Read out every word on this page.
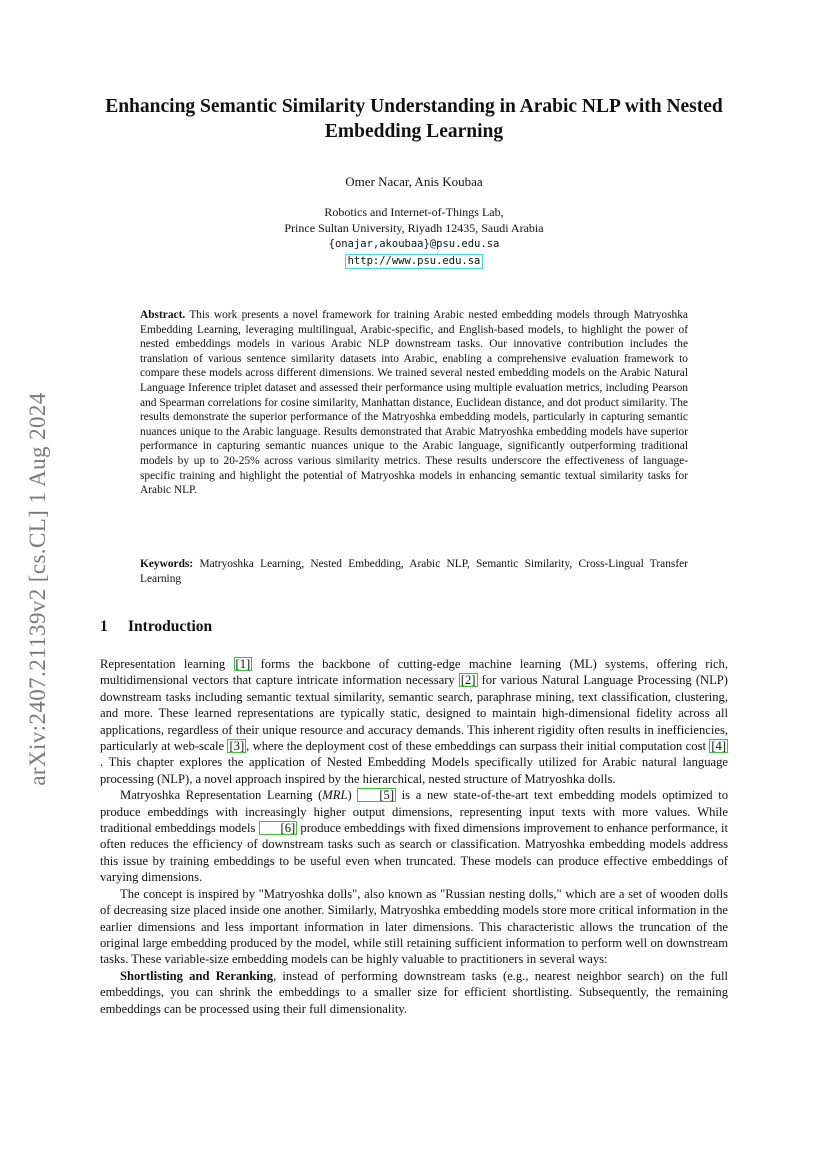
arXiv:2407.21139v2 [cs.CL] 1 Aug 2024
Enhancing Semantic Similarity Understanding in Arabic NLP with Nested Embedding Learning
Omer Nacar, Anis Koubaa
Robotics and Internet-of-Things Lab,
Prince Sultan University, Riyadh 12435, Saudi Arabia
{onajar,akoubaa}@psu.edu.sa
http://www.psu.edu.sa
Abstract. This work presents a novel framework for training Arabic nested embedding models through Matryoshka Embedding Learning, leveraging multilingual, Arabic-specific, and English-based models, to highlight the power of nested embeddings models in various Arabic NLP downstream tasks. Our innovative contribution includes the translation of various sentence similarity datasets into Arabic, enabling a comprehensive evaluation framework to compare these models across different dimensions. We trained several nested embedding models on the Arabic Natural Language Inference triplet dataset and assessed their performance using multiple evaluation metrics, including Pearson and Spearman correlations for cosine similarity, Manhattan distance, Euclidean distance, and dot product similarity. The results demonstrate the superior performance of the Matryoshka embedding models, particularly in capturing semantic nuances unique to the Arabic language. Results demonstrated that Arabic Matryoshka embedding models have superior performance in capturing semantic nuances unique to the Arabic language, significantly outperforming traditional models by up to 20-25% across various similarity metrics. These results underscore the effectiveness of language-specific training and highlight the potential of Matryoshka models in enhancing semantic textual similarity tasks for Arabic NLP.
Keywords: Matryoshka Learning, Nested Embedding, Arabic NLP, Semantic Similarity, Cross-Lingual Transfer Learning
1 Introduction

Representation learning [1] forms the backbone of cutting-edge machine learning (ML) systems, offering rich, multidimensional vectors that capture intricate information necessary [2] for various Natural Language Processing (NLP) downstream tasks including semantic textual similarity, semantic search, paraphrase mining, text classification, clustering, and more. These learned representations are typically static, designed to maintain high-dimensional fidelity across all applications, regardless of their unique resource and accuracy demands. This inherent rigidity often results in inefficiencies, particularly at web-scale [3] , where the deployment cost of these embeddings can surpass their initial computation cost [4]. This chapter explores the application of Nested Embedding Models specifically utilized for Arabic natural language processing (NLP), a novel approach inspired by the hierarchical, nested structure of Matryoshka dolls.

Matryoshka Representation Learning (MRL) [5] is a new state-of-the-art text embedding models optimized to produce embeddings with increasingly higher output dimensions, representing input texts with more values. While traditional embeddings models [6] produce embeddings with fixed dimensions improvement to enhance performance, it often reduces the efficiency of downstream tasks such as search or classification. Matryoshka embedding models address this issue by training embeddings to be useful even when truncated. These models can produce effective embeddings of varying dimensions.

The concept is inspired by "Matryoshka dolls", also known as "Russian nesting dolls," which are a set of wooden dolls of decreasing size placed inside one another. Similarly, Matryoshka embedding models store more critical information in the earlier dimensions and less important information in later dimensions. This characteristic allows the truncation of the original large embedding produced by the model, while still retaining sufficient information to perform well on downstream tasks. These variable-size embedding models can be highly valuable to practitioners in several ways:

Shortlisting and Reranking, instead of performing downstream tasks (e.g., nearest neighbor search) on the full embeddings, you can shrink the embeddings to a smaller size for efficient shortlisting. Subsequently, the remaining embeddings can be processed using their full dimensionality.
